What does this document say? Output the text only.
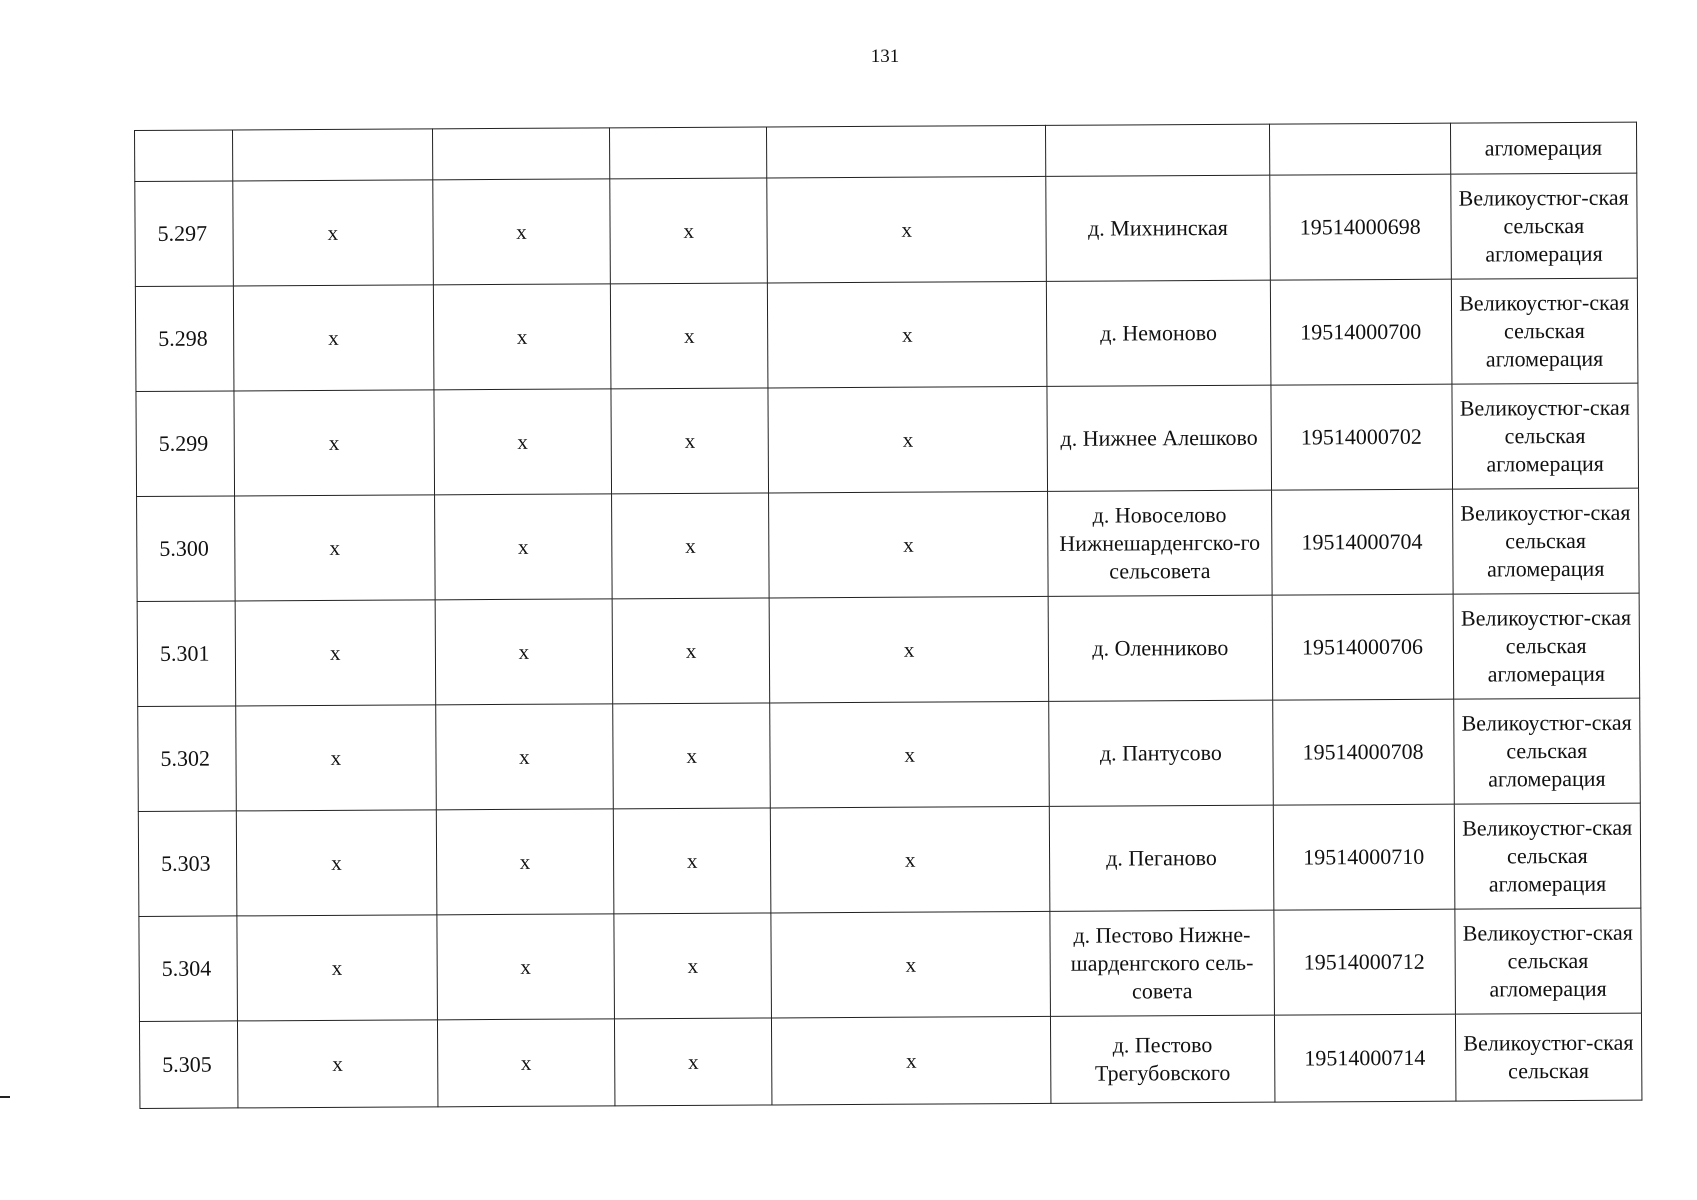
131
							агломерация
5.297	х	х	х	х	д. Михнинская	19514000698	Великоустюг-ская сельская агломерация
5.298	х	х	х	х	д. Немоново	19514000700	Великоустюг-ская сельская агломерация
5.299	х	х	х	х	д. Нижнее Алешково	19514000702	Великоустюг-ская сельская агломерация
5.300	х	х	х	х	д. Новоселово Нижнешарденгско-го сельсовета	19514000704	Великоустюг-ская сельская агломерация
5.301	х	х	х	х	д. Оленниково	19514000706	Великоустюг-ская сельская агломерация
5.302	х	х	х	х	д. Пантусово	19514000708	Великоустюг-ская сельская агломерация
5.303	х	х	х	х	д. Пеганово	19514000710	Великоустюг-ская сельская агломерация
5.304	х	х	х	х	д. Пестово Нижне-шарденгского сель-совета	19514000712	Великоустюг-ская сельская агломерация
5.305	х	х	х	х	д. Пестово Трегубовского	19514000714	Великоустюг-ская сельская
